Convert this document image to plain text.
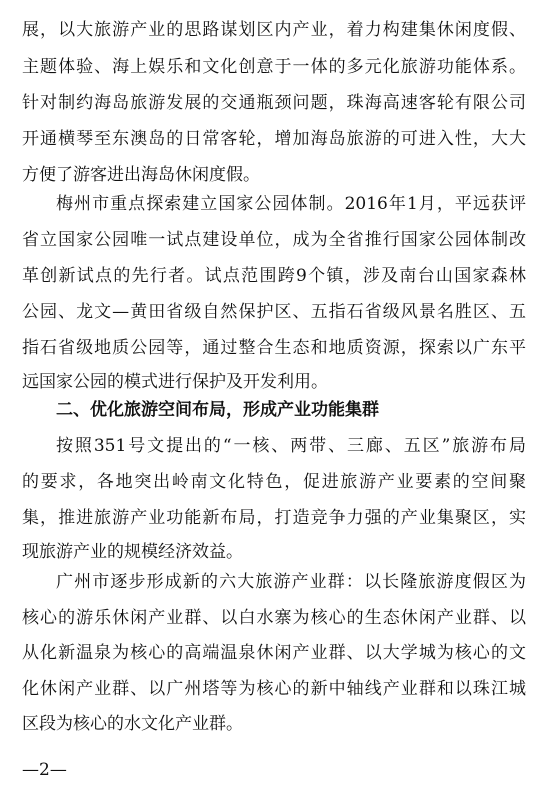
展，以大旅游产业的思路谋划区内产业，着力构建集休闲度假、
主题体验、海上娱乐和文化创意于一体的多元化旅游功能体系。
针对制约海岛旅游发展的交通瓶颈问题，珠海高速客轮有限公司
开通横琴至东澳岛的日常客轮，增加海岛旅游的可进入性，大大
方便了游客进出海岛休闲度假。
梅州市重点探索建立国家公园体制。2016年1月，平远获评
省立国家公园唯一试点建设单位，成为全省推行国家公园体制改
革创新试点的先行者。试点范围跨9个镇，涉及南台山国家森林
公园、龙文—黄田省级自然保护区、五指石省级风景名胜区、五
指石省级地质公园等，通过整合生态和地质资源，探索以广东平
远国家公园的模式进行保护及开发利用。
二、优化旅游空间布局，形成产业功能集群
按照351号文提出的“一核、两带、三廊、五区”旅游布局
的要求，各地突出岭南文化特色，促进旅游产业要素的空间聚
集，推进旅游产业功能新布局，打造竞争力强的产业集聚区，实
现旅游产业的规模经济效益。
广州市逐步形成新的六大旅游产业群：以长隆旅游度假区为
核心的游乐休闲产业群、以白水寨为核心的生态休闲产业群、以
从化新温泉为核心的高端温泉休闲产业群、以大学城为核心的文
化休闲产业群、以广州塔等为核心的新中轴线产业群和以珠江城
区段为核心的水文化产业群。
—2—
